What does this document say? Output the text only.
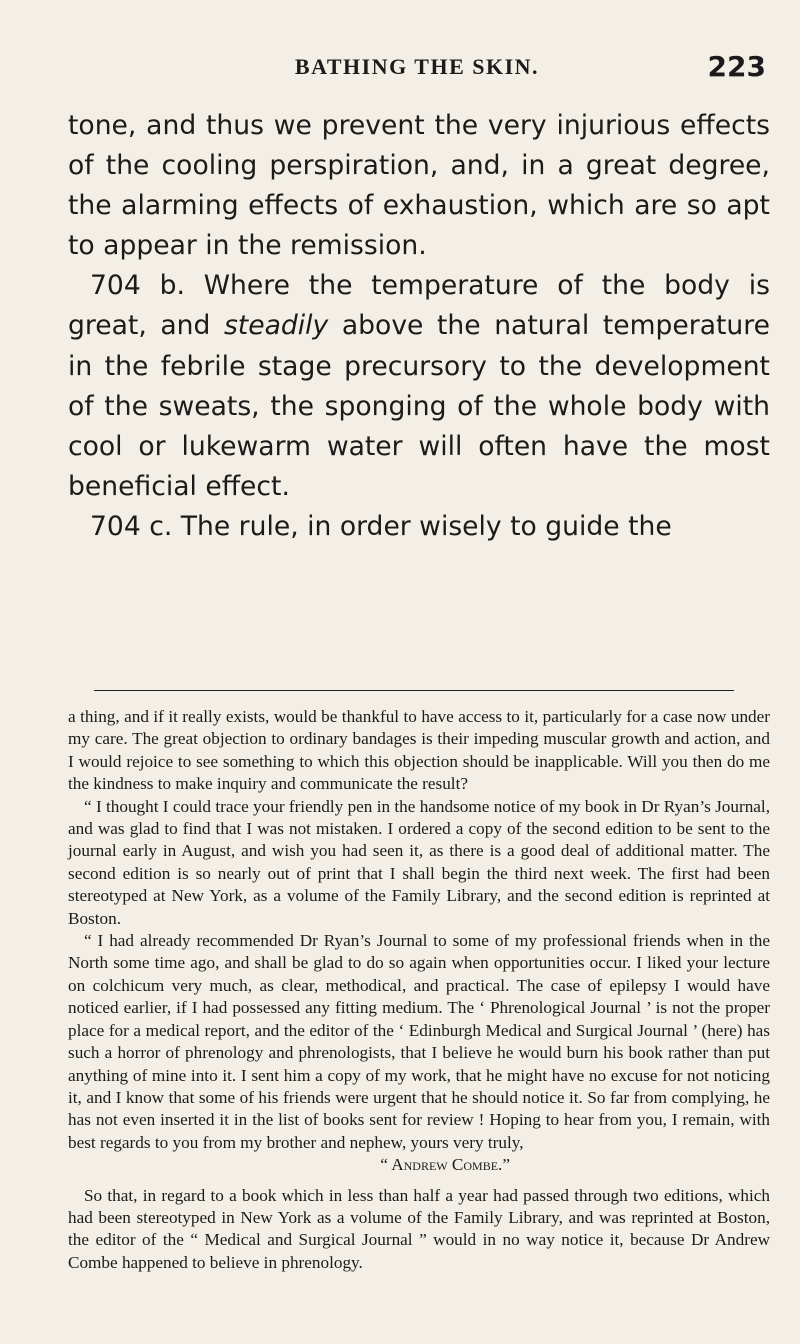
BATHING THE SKIN.	223

tone, and thus we prevent the very injurious effects of the cooling perspiration, and, in a great degree, the alarming effects of exhaustion, which are so apt to appear in the remission.

704 b. Where the temperature of the body is great, and steadily above the natural temperature in the febrile stage precursory to the development of the sweats, the sponging of the whole body with cool or lukewarm water will often have the most beneficial effect.

704 c. The rule, in order wisely to guide the

a thing, and if it really exists, would be thankful to have access to it, particularly for a case now under my care. The great objection to ordinary bandages is their impeding muscular growth and action, and I would rejoice to see something to which this objection should be inapplicable. Will you then do me the kindness to make inquiry and communicate the result?

“ I thought I could trace your friendly pen in the handsome notice of my book in Dr Ryan’s Journal, and was glad to find that I was not mistaken. I ordered a copy of the second edition to be sent to the journal early in August, and wish you had seen it, as there is a good deal of additional matter. The second edition is so nearly out of print that I shall begin the third next week. The first had been stereotyped at New York, as a volume of the Family Library, and the second edition is reprinted at Boston.

“ I had already recommended Dr Ryan’s Journal to some of my professional friends when in the North some time ago, and shall be glad to do so again when opportunities occur. I liked your lecture on colchicum very much, as clear, methodical, and practical. The case of epilepsy I would have noticed earlier, if I had possessed any fitting medium. The ‘ Phrenological Journal ’ is not the proper place for a medical report, and the editor of the ‘ Edinburgh Medical and Surgical Journal ’ (here) has such a horror of phrenology and phrenologists, that I believe he would burn his book rather than put anything of mine into it. I sent him a copy of my work, that he might have no excuse for not noticing it, and I know that some of his friends were urgent that he should notice it. So far from complying, he has not even inserted it in the list of books sent for review ! Hoping to hear from you, I remain, with best regards to you from my brother and nephew, yours very truly,

“ Andrew Combe.”

So that, in regard to a book which in less than half a year had passed through two editions, which had been stereotyped in New York as a volume of the Family Library, and was reprinted at Boston, the editor of the “ Medical and Surgical Journal ” would in no way notice it, because Dr Andrew Combe happened to believe in phrenology.
